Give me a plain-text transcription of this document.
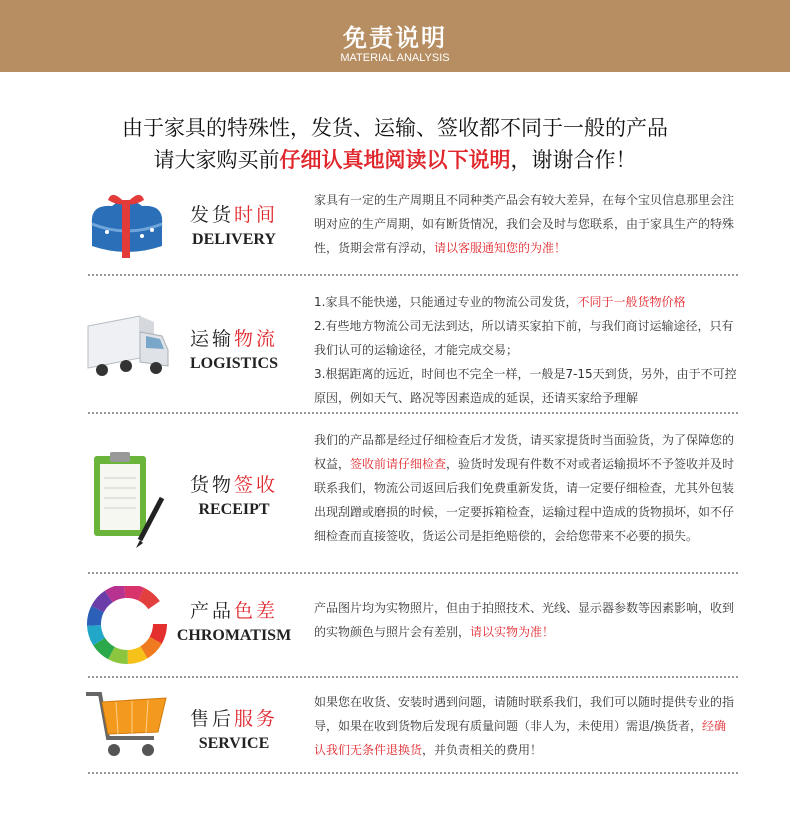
免责说明
MATERIAL ANALYSIS
由于家具的特殊性，发货、运输、签收都不同于一般的产品
请大家购买前仔细认真地阅读以下说明，谢谢合作！
发货时间
DELIVERY
家具有一定的生产周期且不同种类产品会有较大差异，在每个宝贝信息那里会注明对应的生产周期，如有断货情况，我们会及时与您联系，由于家具生产的特殊性，货期会常有浮动，请以客服通知您的为准！
运输物流
LOGISTICS
1.家具不能快递，只能通过专业的物流公司发货，不同于一般货物价格
2.有些地方物流公司无法到达，所以请买家拍下前，与我们商讨运输途径，只有我们认可的运输途径，才能完成交易；
3.根据距离的远近，时间也不完全一样，一般是7-15天到货，另外，由于不可控原因，例如天气、路况等因素造成的延误，还请买家给予理解
货物签收
RECEIPT
我们的产品都是经过仔细检查后才发货，请买家提货时当面验货，为了保障您的权益，签收前请仔细检查，验货时发现有件数不对或者运输损坏不予签收并及时联系我们，物流公司返回后我们免费重新发货，请一定要仔细检查，尤其外包装出现刮蹭或磨损的时候，一定要拆箱检查，运输过程中造成的货物损坏，如不仔细检查而直接签收，货运公司是拒绝赔偿的，会给您带来不必要的损失。
产品色差
CHROMATISM
产品图片均为实物照片，但由于拍照技术、光线、显示器参数等因素影响，收到的实物颜色与照片会有差别，请以实物为准！
售后服务
SERVICE
如果您在收货、安装时遇到问题，请随时联系我们，我们可以随时提供专业的指导，如果在收到货物后发现有质量问题（非人为，未使用）需退/换货者，经确认我们无条件退换货，并负责相关的费用！
